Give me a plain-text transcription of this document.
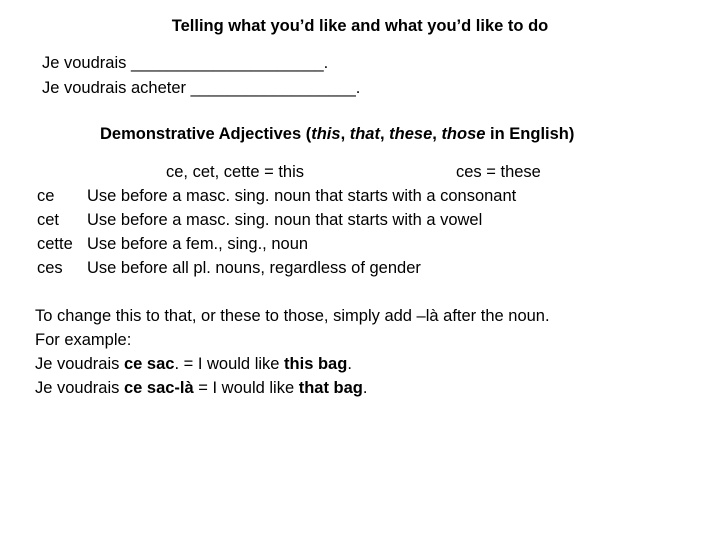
Telling what you’d like and what you’d like to do
Je voudrais _____________________.
Je voudrais acheter __________________.
Demonstrative Adjectives (this, that, these, those in English)
ce, cet, cette = this	ces = these
ce Use before a masc. sing. noun that starts with a consonant
cet Use before a masc. sing. noun that starts with a vowel
cette Use before a fem., sing., noun
ces Use before all pl. nouns, regardless of gender
To change this to that, or these to those, simply add –là after the noun.
For example:
Je voudrais ce sac. = I would like this bag.
Je voudrais ce sac-là = I would like that bag.
